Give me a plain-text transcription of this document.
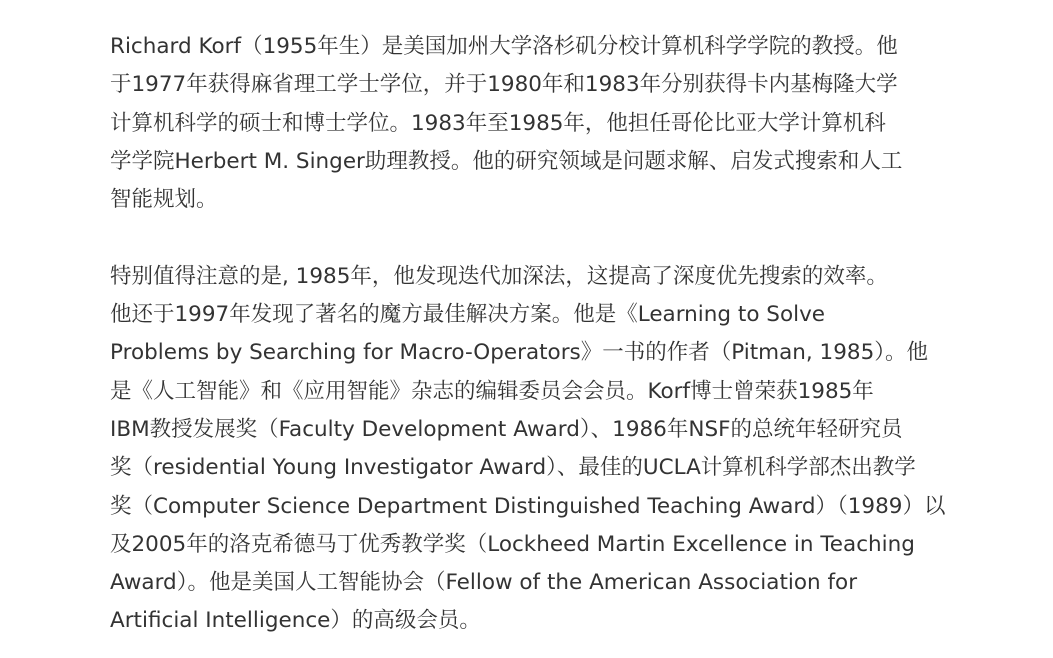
Richard Korf（1955年生）是美国加州大学洛杉矶分校计算机科学学院的教授。他
于1977年获得麻省理工学士学位，并于1980年和1983年分别获得卡内基梅隆大学
计算机科学的硕士和博士学位。1983年至1985年，他担任哥伦比亚大学计算机科
学学院Herbert M. Singer助理教授。他的研究领域是问题求解、启发式搜索和人工
智能规划。

特别值得注意的是, 1985年，他发现迭代加深法，这提高了深度优先搜索的效率。
他还于1997年发现了著名的魔方最佳解决方案。他是《Learning to Solve
Problems by Searching for Macro-Operators》一书的作者（Pitman, 1985）。他
是《人工智能》和《应用智能》杂志的编辑委员会会员。Korf博士曾荣获1985年
IBM教授发展奖（Faculty Development Award）、1986年NSF的总统年轻研究员
奖（residential Young Investigator Award）、最佳的UCLA计算机科学部杰出教学
奖（Computer Science Department Distinguished Teaching Award）（1989）以
及2005年的洛克希德马丁优秀教学奖（Lockheed Martin Excellence in Teaching
Award）。他是美国人工智能协会（Fellow of the American Association for
Artificial Intelligence）的高级会员。
